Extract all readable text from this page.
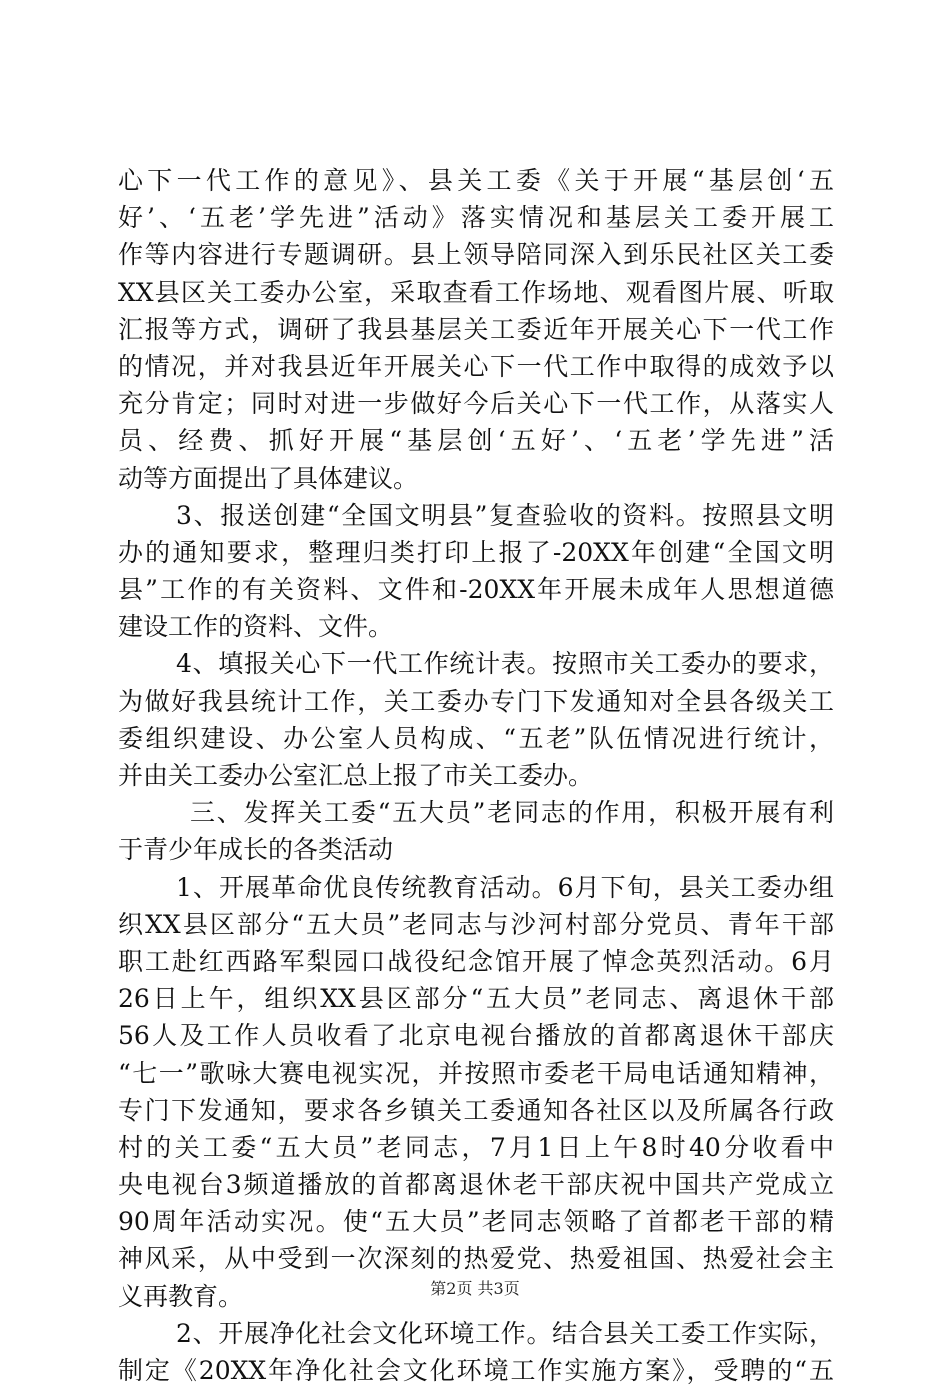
心下一代工作的意见》、县关工委《关于开展“基层创‘五
好’、‘五老’学先进”活动》落实情况和基层关工委开展工
作等内容进行专题调研。县上领导陪同深入到乐民社区关工委
XX县区关工委办公室，采取查看工作场地、观看图片展、听取
汇报等方式，调研了我县基层关工委近年开展关心下一代工作
的情况，并对我县近年开展关心下一代工作中取得的成效予以
充分肯定；同时对进一步做好今后关心下一代工作，从落实人
员、经费、抓好开展“基层创‘五好’、‘五老’学先进”活
动等方面提出了具体建议。
3、报送创建“全国文明县”复查验收的资料。按照县文明
办的通知要求，整理归类打印上报了-20XX年创建“全国文明
县”工作的有关资料、文件和-20XX年开展未成年人思想道德
建设工作的资料、文件。
4、填报关心下一代工作统计表。按照市关工委办的要求，
为做好我县统计工作，关工委办专门下发通知对全县各级关工
委组织建设、办公室人员构成、“五老”队伍情况进行统计，
并由关工委办公室汇总上报了市关工委办。
三、发挥关工委“五大员”老同志的作用，积极开展有利
于青少年成长的各类活动
1、开展革命优良传统教育活动。6月下旬，县关工委办组
织XX县区部分“五大员”老同志与沙河村部分党员、青年干部
职工赴红西路军梨园口战役纪念馆开展了悼念英烈活动。6月
26日上午，组织XX县区部分“五大员”老同志、离退休干部
56人及工作人员收看了北京电视台播放的首都离退休干部庆
“七一”歌咏大赛电视实况，并按照市委老干局电话通知精神，
专门下发通知，要求各乡镇关工委通知各社区以及所属各行政
村的关工委“五大员”老同志，7月1日上午8时40分收看中
央电视台3频道播放的首都离退休老干部庆祝中国共产党成立
90周年活动实况。使“五大员”老同志领略了首都老干部的精
神风采，从中受到一次深刻的热爱党、热爱祖国、热爱社会主
义再教育。
2、开展净化社会文化环境工作。结合县关工委工作实际，
制定《20XX年净化社会文化环境工作实施方案》，受聘的“五
第2页 共3页
